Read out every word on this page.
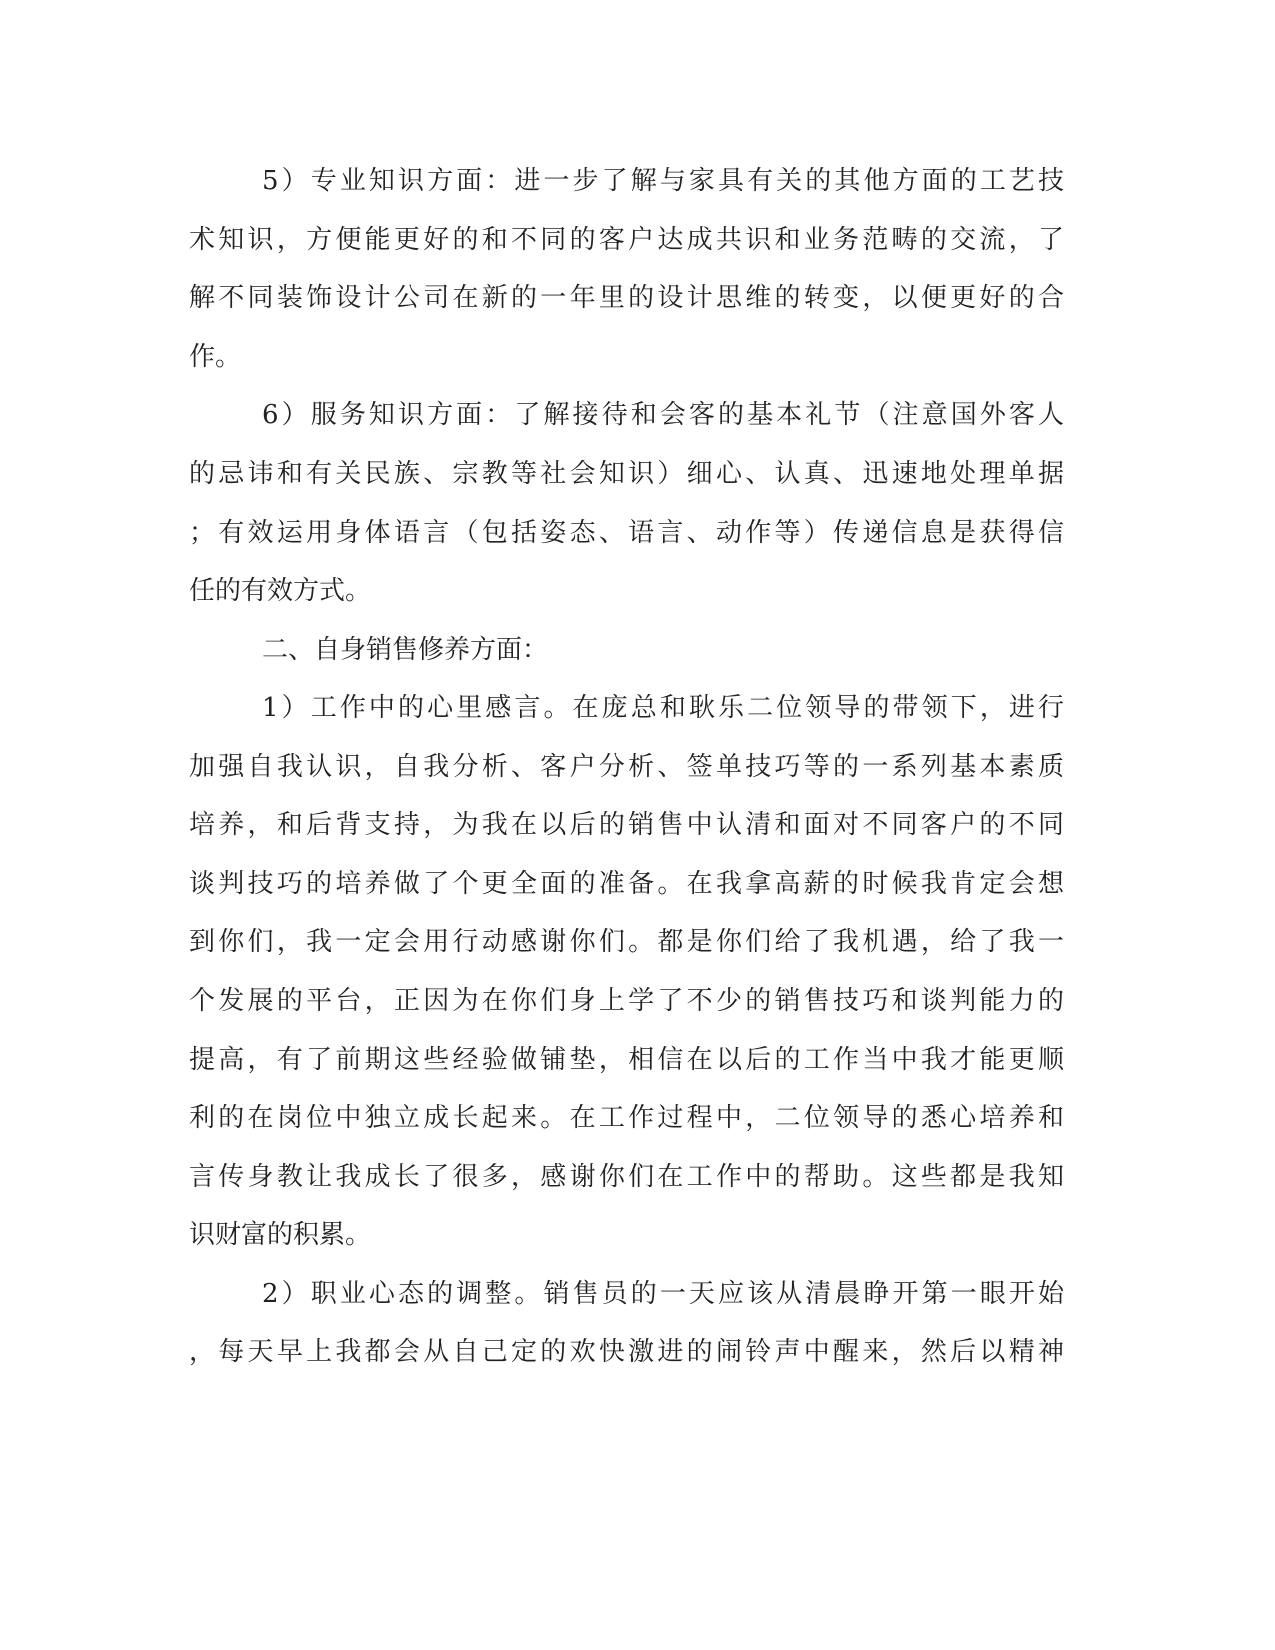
5）专业知识方面：进一步了解与家具有关的其他方面的工艺技
术知识，方便能更好的和不同的客户达成共识和业务范畴的交流，了
解不同装饰设计公司在新的一年里的设计思维的转变，以便更好的合
作。
6）服务知识方面：了解接待和会客的基本礼节（注意国外客人
的忌讳和有关民族、宗教等社会知识）细心、认真、迅速地处理单据
；有效运用身体语言（包括姿态、语言、动作等）传递信息是获得信
任的有效方式。
二、自身销售修养方面：
1）工作中的心里感言。在庞总和耿乐二位领导的带领下，进行
加强自我认识，自我分析、客户分析、签单技巧等的一系列基本素质
培养，和后背支持，为我在以后的销售中认清和面对不同客户的不同
谈判技巧的培养做了个更全面的准备。在我拿高薪的时候我肯定会想
到你们，我一定会用行动感谢你们。都是你们给了我机遇，给了我一
个发展的平台，正因为在你们身上学了不少的销售技巧和谈判能力的
提高，有了前期这些经验做铺垫，相信在以后的工作当中我才能更顺
利的在岗位中独立成长起来。在工作过程中，二位领导的悉心培养和
言传身教让我成长了很多，感谢你们在工作中的帮助。这些都是我知
识财富的积累。
2）职业心态的调整。销售员的一天应该从清晨睁开第一眼开始
，每天早上我都会从自己定的欢快激进的闹铃声中醒来，然后以精神
